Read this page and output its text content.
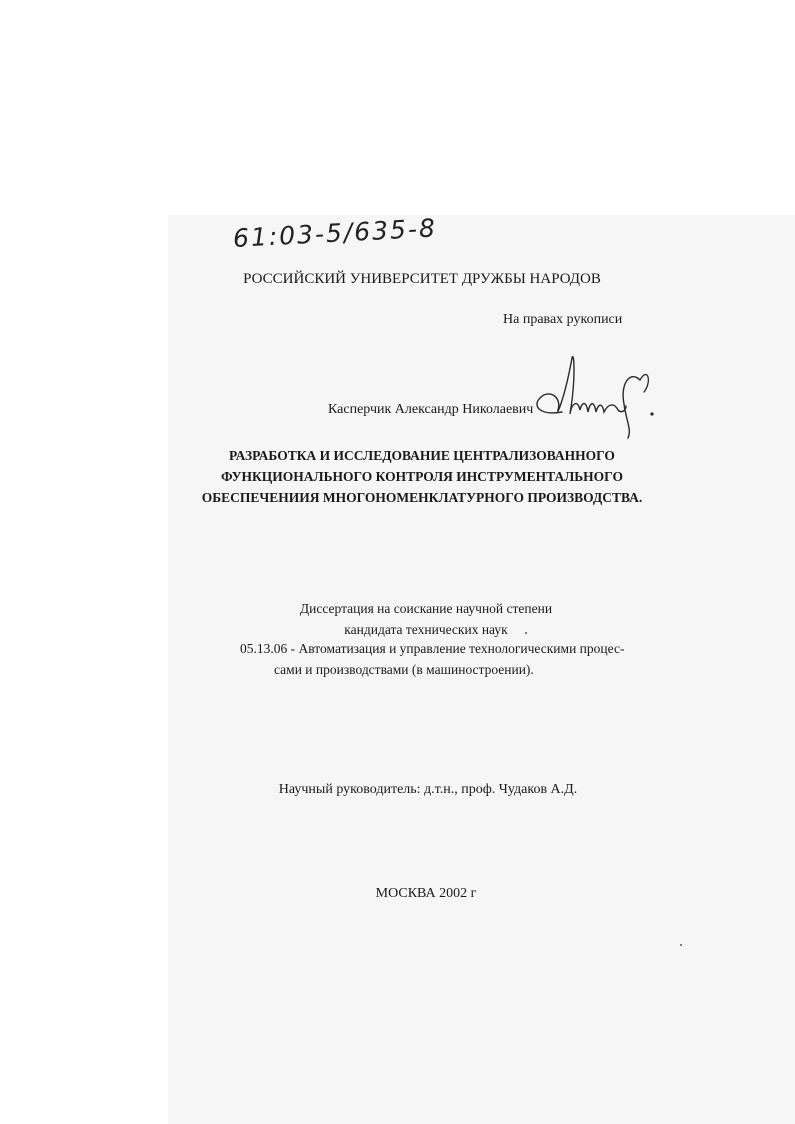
61:03-5/635-8
РОССИЙСКИЙ УНИВЕРСИТЕТ ДРУЖБЫ НАРОДОВ
На правах рукописи
Касперчик Александр Николаевич
РАЗРАБОТКА И ИССЛЕДОВАНИЕ ЦЕНТРАЛИЗОВАННОГО
ФУНКЦИОНАЛЬНОГО КОНТРОЛЯ ИНСТРУМЕНТАЛЬНОГО
ОБЕСПЕЧЕНИИЯ МНОГОНОМЕНКЛАТУРНОГО ПРОИЗВОДСТВА.
Диссертация на соискание научной степени
кандидата технических наук
05.13.06 - Автоматизация и управление технологическими процес-
сами и производствами (в машиностроении).
Научный руководитель: д.т.н., проф. Чудаков А.Д.
МОСКВА 2002 г
